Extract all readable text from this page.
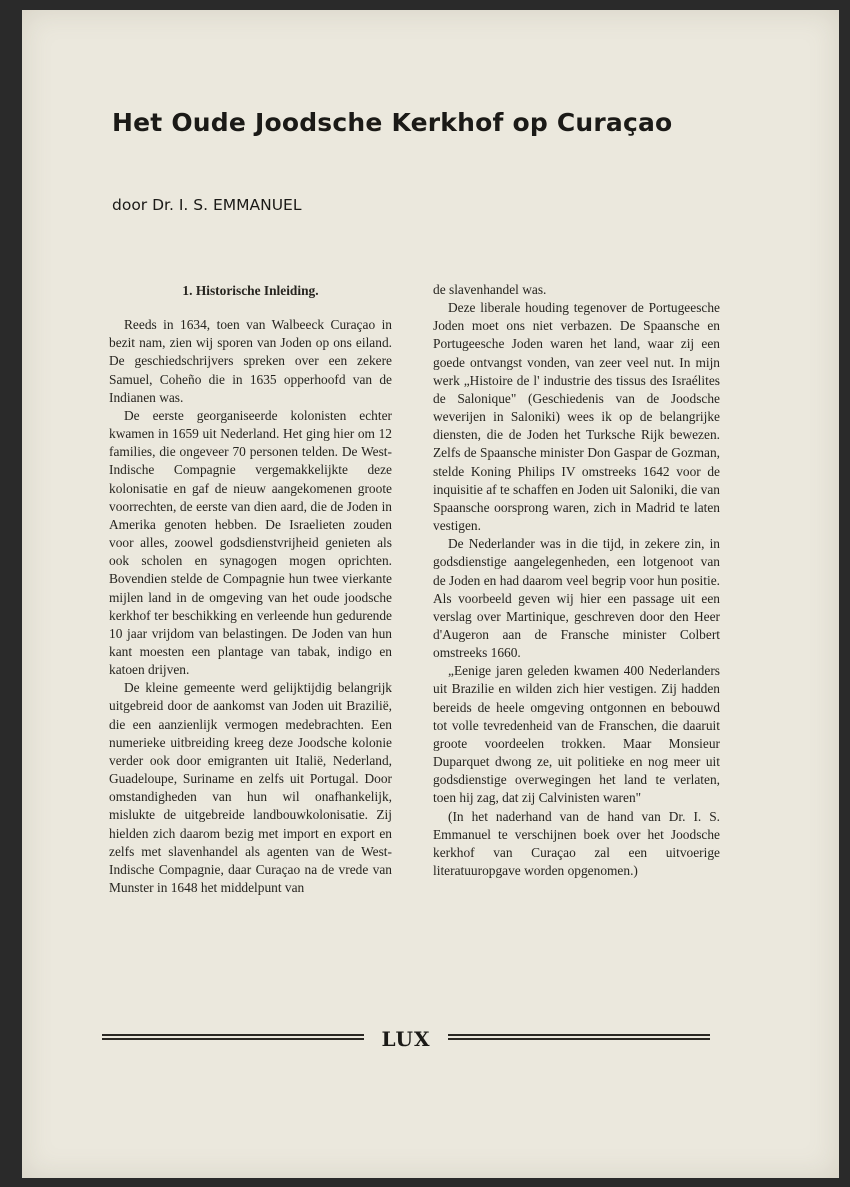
Het Oude Joodsche Kerkhof op Curaçao
door Dr. I. S. EMMANUEL
1. Historische Inleiding.

Reeds in 1634, toen van Walbeeck Curaçao in bezit nam, zien wij sporen van Joden op ons eiland. De geschiedschrijvers spreken over een zekere Samuel, Coheño die in 1635 opperhoofd van de Indianen was.

De eerste georganiseerde kolonisten echter kwamen in 1659 uit Nederland. Het ging hier om 12 families, die ongeveer 70 personen telden. De West-Indische Compagnie vergemakkelijkte deze kolonisatie en gaf de nieuw aangekomenen groote voorrechten, de eerste van dien aard, die de Joden in Amerika genoten hebben. De Israelieten zouden voor alles, zoowel godsdienstvrijheid genieten als ook scholen en synagogen mogen oprichten. Bovendien stelde de Compagnie hun twee vierkante mijlen land in de omgeving van het oude joodsche kerkhof ter beschikking en verleende hun gedurende 10 jaar vrijdom van belastingen. De Joden van hun kant moesten een plantage van tabak, indigo en katoen drijven.

De kleine gemeente werd gelijktijdig belangrijk uitgebreid door de aankomst van Joden uit Brazilië, die een aanzienlijk vermogen medebrachten. Een numerieke uitbreiding kreeg deze Joodsche kolonie verder ook door emigranten uit Italië, Nederland, Guadeloupe, Suriname en zelfs uit Portugal. Door omstandigheden van hun wil onafhankelijk, mislukte de uitgebreide landbouwkolonisatie. Zij hielden zich daarom bezig met import en export en zelfs met slavenhandel als agenten van de West-Indische Compagnie, daar Curaçao na de vrede van Munster in 1648 het middelpunt van

de slavenhandel was.

Deze liberale houding tegenover de Portugeesche Joden moet ons niet verbazen. De Spaansche en Portugeesche Joden waren het land, waar zij een goede ontvangst vonden, van zeer veel nut. In mijn werk „Histoire de l' industrie des tissus des Israélites de Salonique" (Geschiedenis van de Joodsche weverijen in Saloniki) wees ik op de belangrijke diensten, die de Joden het Turksche Rijk bewezen. Zelfs de Spaansche minister Don Gaspar de Gozman, stelde Koning Philips IV omstreeks 1642 voor de inquisitie af te schaffen en Joden uit Saloniki, die van Spaansche oorsprong waren, zich in Madrid te laten vestigen.

De Nederlander was in die tijd, in zekere zin, in godsdienstige aangelegenheden, een lotgenoot van de Joden en had daarom veel begrip voor hun positie. Als voorbeeld geven wij hier een passage uit een verslag over Martinique, geschreven door den Heer d'Augeron aan de Fransche minister Colbert omstreeks 1660.

„Eenige jaren geleden kwamen 400 Nederlanders uit Brazilie en wilden zich hier vestigen. Zij hadden bereids de heele omgeving ontgonnen en bebouwd tot volle tevredenheid van de Franschen, die daaruit groote voordeelen trokken. Maar Monsieur Duparquet dwong ze, uit politieke en nog meer uit godsdienstige overwegingen het land te verlaten, toen hij zag, dat zij Calvinisten waren"

(In het naderhand van de hand van Dr. I. S. Emmanuel te verschijnen boek over het Joodsche kerkhof van Curaçao zal een uitvoerige literatuuropgave worden opgenomen.)

LUX
